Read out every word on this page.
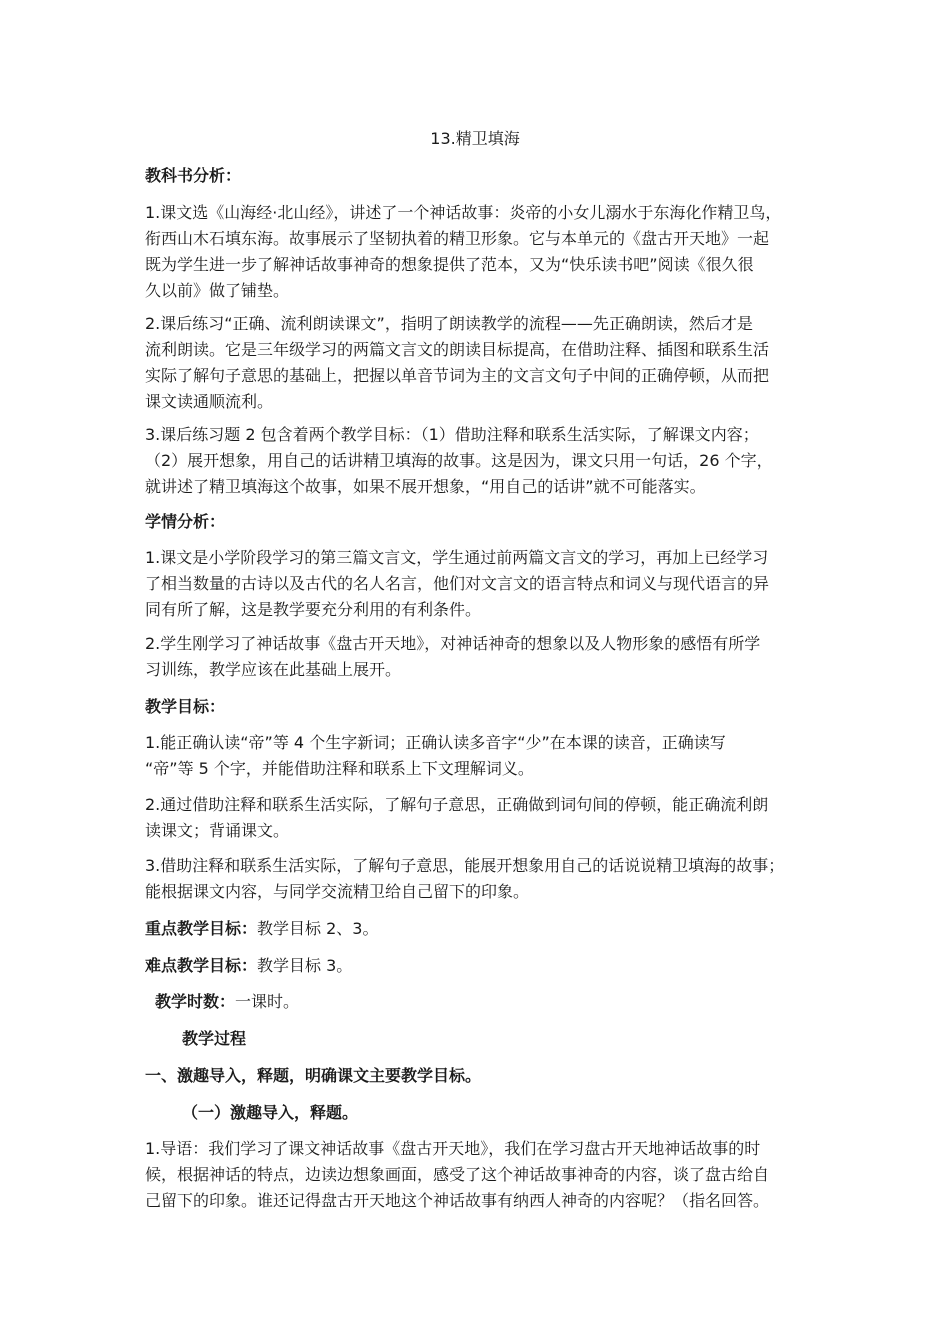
13.精卫填海

教科书分析：

1.课文选《山海经·北山经》，讲述了一个神话故事：炎帝的小女儿溺水于东海化作精卫鸟，
衔西山木石填东海。故事展示了坚韧执着的精卫形象。它与本单元的《盘古开天地》一起
既为学生进一步了解神话故事神奇的想象提供了范本，又为“快乐读书吧”阅读《很久很
久以前》做了铺垫。

2.课后练习“正确、流利朗读课文”，指明了朗读教学的流程——先正确朗读，然后才是
流利朗读。它是三年级学习的两篇文言文的朗读目标提高，在借助注释、插图和联系生活
实际了解句子意思的基础上，把握以单音节词为主的文言文句子中间的正确停顿，从而把
课文读通顺流利。

3.课后练习题 2 包含着两个教学目标：（1）借助注释和联系生活实际，了解课文内容；
（2）展开想象，用自己的话讲精卫填海的故事。这是因为，课文只用一句话，26 个字，
就讲述了精卫填海这个故事，如果不展开想象，“用自己的话讲”就不可能落实。

学情分析：

1.课文是小学阶段学习的第三篇文言文，学生通过前两篇文言文的学习，再加上已经学习
了相当数量的古诗以及古代的名人名言，他们对文言文的语言特点和词义与现代语言的异
同有所了解，这是教学要充分利用的有利条件。

2.学生刚学习了神话故事《盘古开天地》，对神话神奇的想象以及人物形象的感悟有所学
习训练，教学应该在此基础上展开。

教学目标：

1.能正确认读“帝”等 4 个生字新词；正确认读多音字“少”在本课的读音，正确读写
“帝”等 5 个字，并能借助注释和联系上下文理解词义。

2.通过借助注释和联系生活实际，了解句子意思，正确做到词句间的停顿，能正确流利朗
读课文；背诵课文。

3.借助注释和联系生活实际，了解句子意思，能展开想象用自己的话说说精卫填海的故事；
能根据课文内容，与同学交流精卫给自己留下的印象。

重点教学目标：教学目标 2、3。

难点教学目标：教学目标 3。

教学时数：一课时。

教学过程

一、激趣导入，释题，明确课文主要教学目标。

（一）激趣导入，释题。

1.导语：我们学习了课文神话故事《盘古开天地》，我们在学习盘古开天地神话故事的时
候，根据神话的特点，边读边想象画面，感受了这个神话故事神奇的内容，谈了盘古给自
己留下的印象。谁还记得盘古开天地这个神话故事有纳西人神奇的内容呢？（指名回答。
